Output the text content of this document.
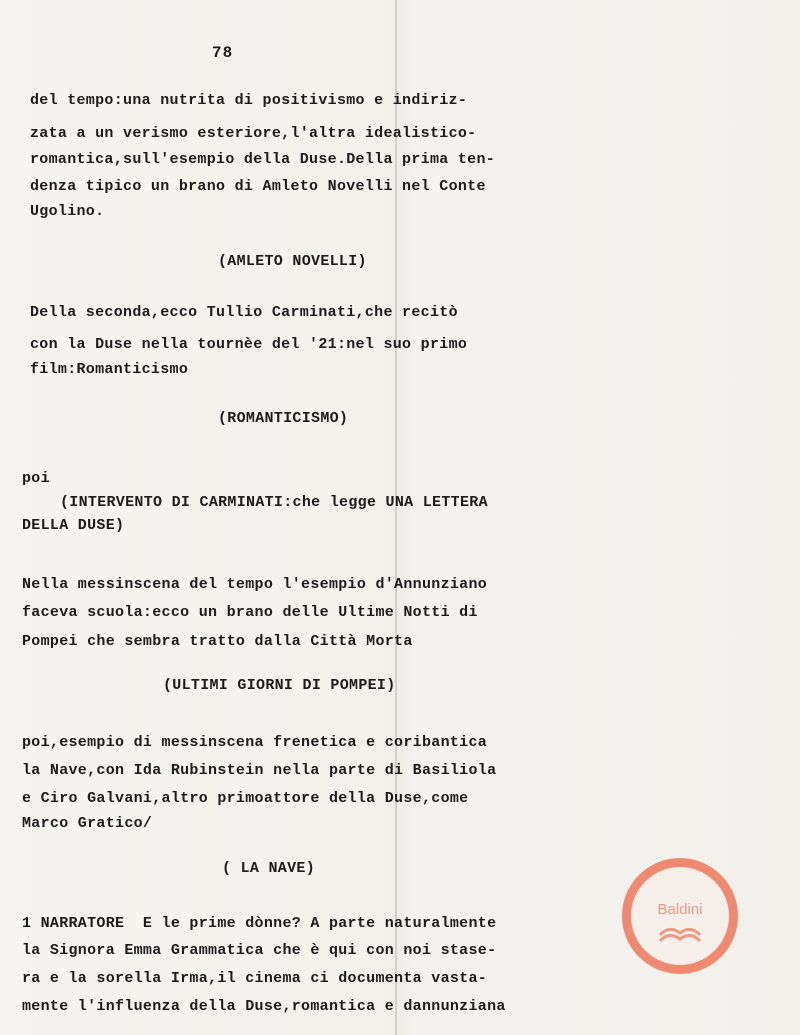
78
del tempo:una nutrita di positivismo e indiriz-
zata a un verismo esteriore,l'altra idealistico-
romantica,sull'esempio della Duse.Della prima ten-
denza tipico un brano di Amleto Novelli nel Conte
Ugolino.
(AMLETO NOVELLI)
Della seconda,ecco Tullio Carminati,che recitò
con la Duse nella tournèe del '21:nel suo primo
film:Romanticismo
(ROMANTICISMO)
poi
(INTERVENTO DI CARMINATI:che legge UNA LETTERA
DELLA DUSE)
Nella messinscena del tempo l'esempio d'Annunziano
faceva scuola:ecco un brano delle Ultime Notti di
Pompei che sembra tratto dalla Città Morta
(ULTIMI GIORNI DI POMPEI)
poi,esempio di messinscena frenetica e coribantica
la Nave,con Ida Rubinstein nella parte di Basiliola
e Ciro Galvani,altro primoattore della Duse,come
Marco Gratico/
( LA NAVE)
1 NARRATORE  E le prime dònne? A parte naturalmente
la Signora Emma Grammatica che è qui con noi stase-
ra e la sorella Irma,il cinema ci documenta vasta-
mente l'influenza della Duse,romantica e dannunziana
Baldini
